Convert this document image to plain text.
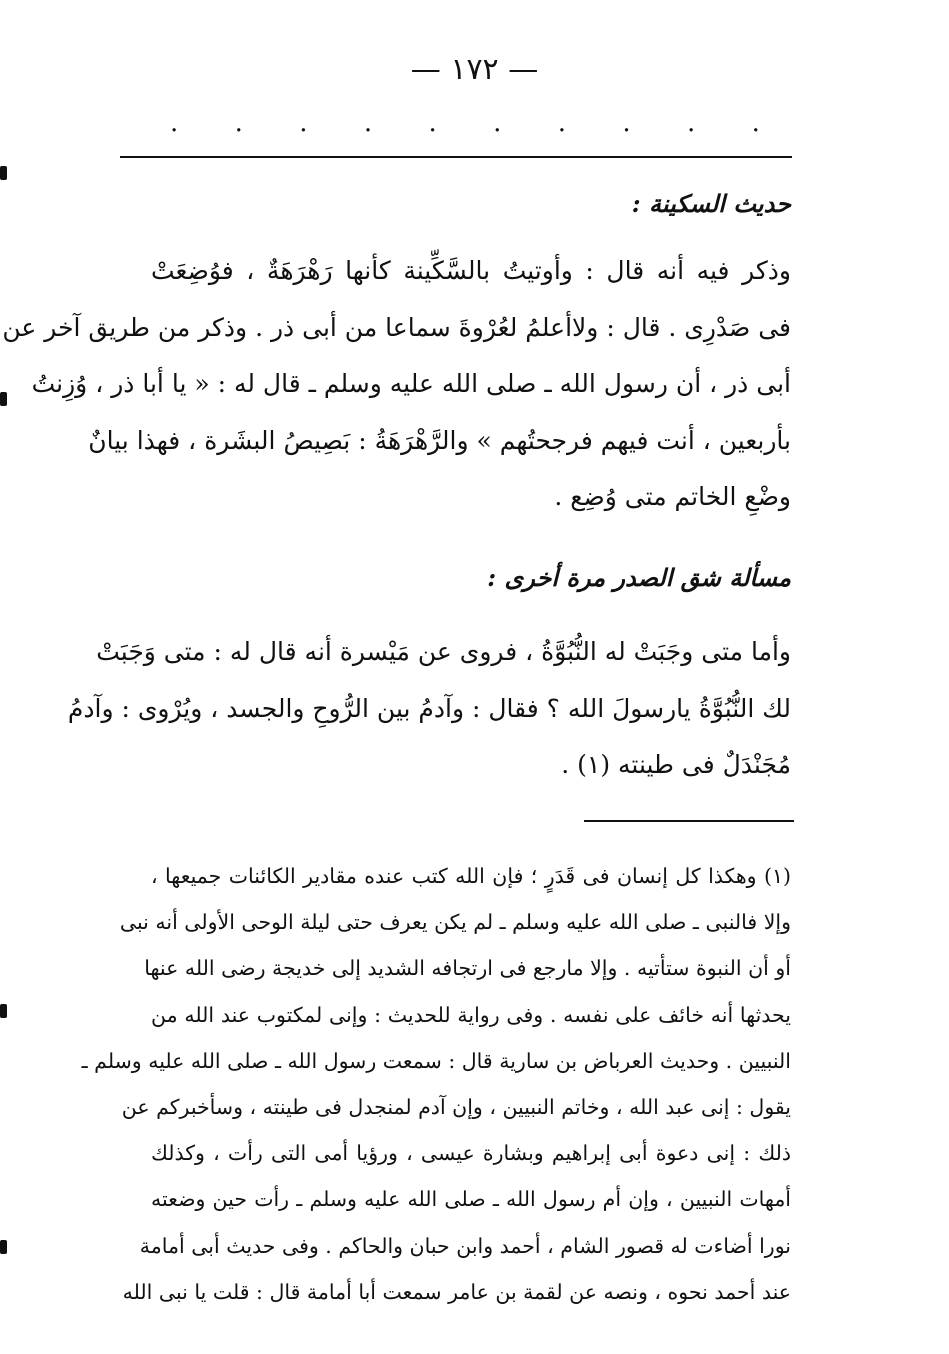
— ١٧٢ —
. . . . . . . . . .

حديث السكينة :

وذكر فيه أنه قال : وأوتيتُ بالسَّكِّينة كأنها رَهْرَهَةٌ ، فوُضِعَتْ

فى صَدْرِى . قال : ولاأعلمُ لعُرْوةَ سماعا من أبى ذر . وذكر من طريق آخر عن

أبى ذر ، أن رسول الله ـ صلى الله عليه وسلم ـ قال له : « يا أبا ذر ، وُزِنتُ

بأربعين ، أنت فيهم فرجحتُهم » والرَّهْرَهَةُ : بَصِيصُ البشَرة ، فهذا بيانٌ

وضْعِ الخاتم متى وُضِع .

مسألة شق الصدر مرة أخرى :

وأما متى وجَبَتْ له النُّبُوَّةُ ، فروى عن مَيْسرة أنه قال له : متى وَجَبَتْ

لك النُّبُوَّةُ يارسولَ الله ؟ فقال : وآدمُ بين الرُّوحِ والجسد ، ويُرْوى : وآدمُ

مُجَنْدَلٌ فى طينته (١) .

(١) وهكذا كل إنسان فى قَدَرٍ ؛ فإن الله كتب عنده مقادير الكائنات جميعها ،

وإلا فالنبى ـ صلى الله عليه وسلم ـ لم يكن يعرف حتى ليلة الوحى الأولى أنه نبى

أو أن النبوة ستأتيه . وإلا مارجع فى ارتجافه الشديد إلى خديجة رضى الله عنها

يحدثها أنه خائف على نفسه . وفى رواية للحديث : وإنى لمكتوب عند الله من

النبيين . وحديث العرباض بن سارية قال : سمعت رسول الله ـ صلى الله عليه وسلم ـ

يقول : إنى عبد الله ، وخاتم النبيين ، وإن آدم لمنجدل فى طينته ، وسأخبركم عن

ذلك : إنى دعوة أبى إبراهيم وبشارة عيسى ، ورؤيا أمى التى رأت ، وكذلك

أمهات النبيين ، وإن أم رسول الله ـ صلى الله عليه وسلم ـ رأت حين وضعته

نورا أضاءت له قصور الشام ، أحمد وابن حبان والحاكم . وفى حديث أبى أمامة

عند أحمد نحوه ، ونصه عن لقمة بن عامر سمعت أبا أمامة قال : قلت يا نبى الله
